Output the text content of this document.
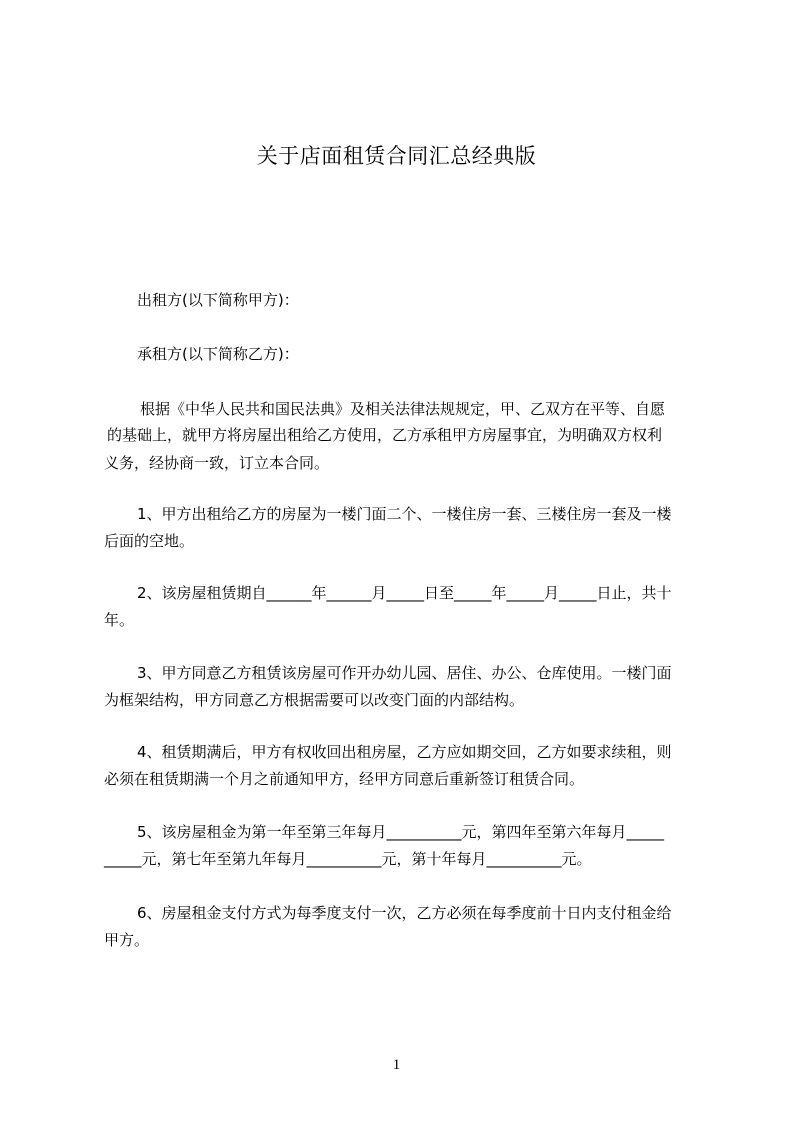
关于店面租赁合同汇总经典版
出租方(以下简称甲方)：
承租方(以下简称乙方)：
根据《中华人民共和国民法典》及相关法律法规规定，甲、乙双方在平等、自愿
的基础上，就甲方将房屋出租给乙方使用，乙方承租甲方房屋事宜，为明确双方权利
义务，经协商一致，订立本合同。
1、甲方出租给乙方的房屋为一楼门面二个、一楼住房一套、三楼住房一套及一楼
后面的空地。
2、该房屋租赁期自______年______月_____日至_____年_____月_____日止，共十
年。
3、甲方同意乙方租赁该房屋可作开办幼儿园、居住、办公、仓库使用。一楼门面
为框架结构，甲方同意乙方根据需要可以改变门面的内部结构。
4、租赁期满后，甲方有权收回出租房屋，乙方应如期交回，乙方如要求续租，则
必须在租赁期满一个月之前通知甲方，经甲方同意后重新签订租赁合同。
5、该房屋租金为第一年至第三年每月__________元，第四年至第六年每月_____
_____元，第七年至第九年每月__________元，第十年每月__________元。
6、房屋租金支付方式为每季度支付一次，乙方必须在每季度前十日内支付租金给
甲方。
1
